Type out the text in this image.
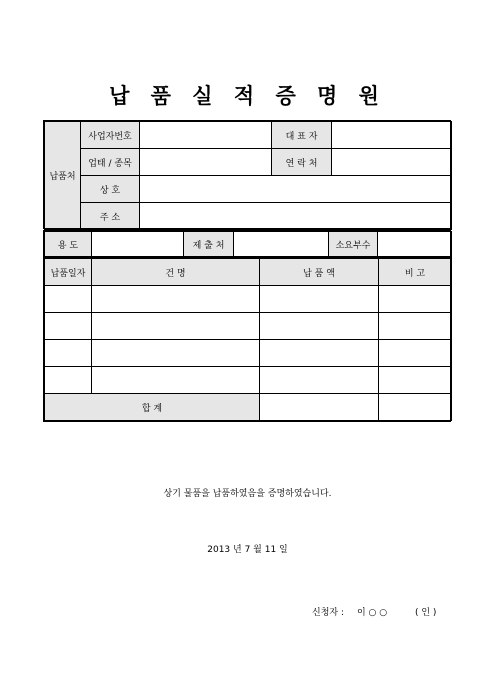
납 품 실 적 증 명 원
납품처	사업자번호		대 표 자	
	업태 / 종목		연 락 처	
	상 호			
	주 소			
용 도		제 출 처		소요부수	
납품일자	건 명	납 품 액	비 고

합 계			
상기 물품을 납품하였음을 증명하였습니다.
2013 년 7 월 11 일
신청자 : 이 ○ ○	( 인 )
